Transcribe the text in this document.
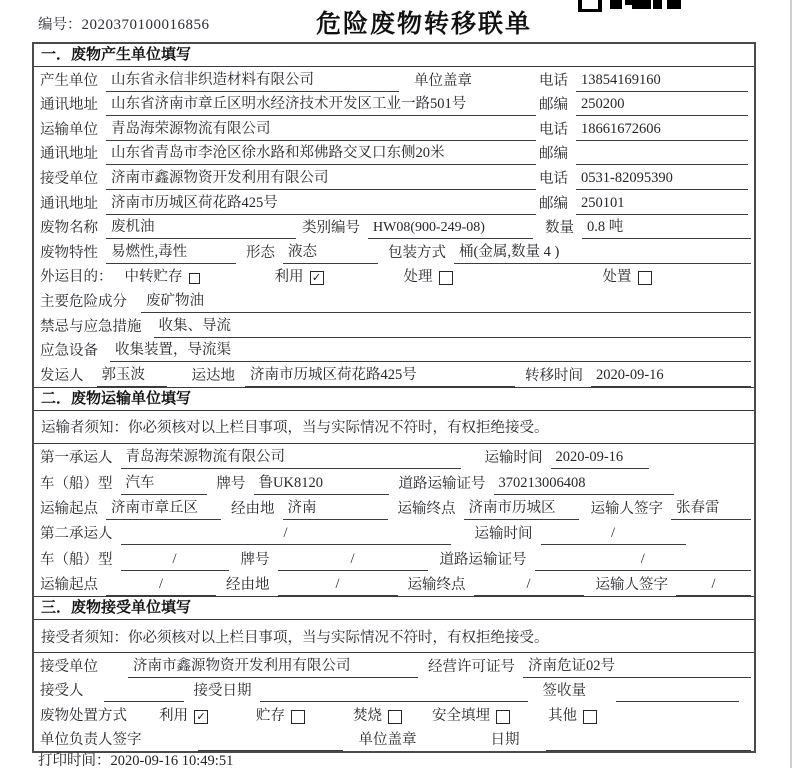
编号：2020370100016856	危险废物转移联单
一．废物产生单位填写
产生单位 山东省永信非织造材料有限公司	单位盖章	电话 13854169160
通讯地址 山东省济南市章丘区明水经济技术开发区工业一路501号	邮编 250200
运输单位 青岛海荣源物流有限公司	电话 18661672606
通讯地址 山东省青岛市李沧区徐水路和郑佛路交叉口东侧20米	邮编
接受单位 济南市鑫源物资开发利用有限公司	电话 0531-82095390
通讯地址 济南市历城区荷花路425号	邮编 250101
废物名称 废机油	类别编号 HW08(900-249-08)	数量 0.8 吨
废物特性 易燃性,毒性	形态 液态	包装方式 桶(金属,数量 4 )
外运目的： 中转贮存	利用 ✓	处理	处置
主要危险成分	废矿物油
禁忌与应急措施	收集、导流
应急设备	收集装置，导流渠
发运人	郭玉波	运达地	济南市历城区荷花路425号	转移时间 2020-09-16
二．废物运输单位填写
运输者须知：你必须核对以上栏目事项，当与实际情况不符时，有权拒绝接受。
第一承运人 青岛海荣源物流有限公司	运输时间 2020-09-16
车（船）型 汽车	牌号 鲁UK8120	道路运输证号 370213006408
运输起点 济南市章丘区	经由地 济南	运输终点 济南市历城区	运输人签字 张春雷
第二承运人	/	运输时间	/
车（船）型	/	牌号	/	道路运输证号	/
运输起点	/	经由地	/	运输终点	/	运输人签字	/
三．废物接受单位填写
接受者须知：你必须核对以上栏目事项，当与实际情况不符时，有权拒绝接受。
接受单位	济南市鑫源物资开发利用有限公司	经营许可证号 济南危证02号
接受人	接受日期	签收量
废物处置方式 利用 ✓	贮存	焚烧	安全填埋	其他
单位负责人签字	单位盖章	日期
打印时间：2020-09-16 10:49:51
